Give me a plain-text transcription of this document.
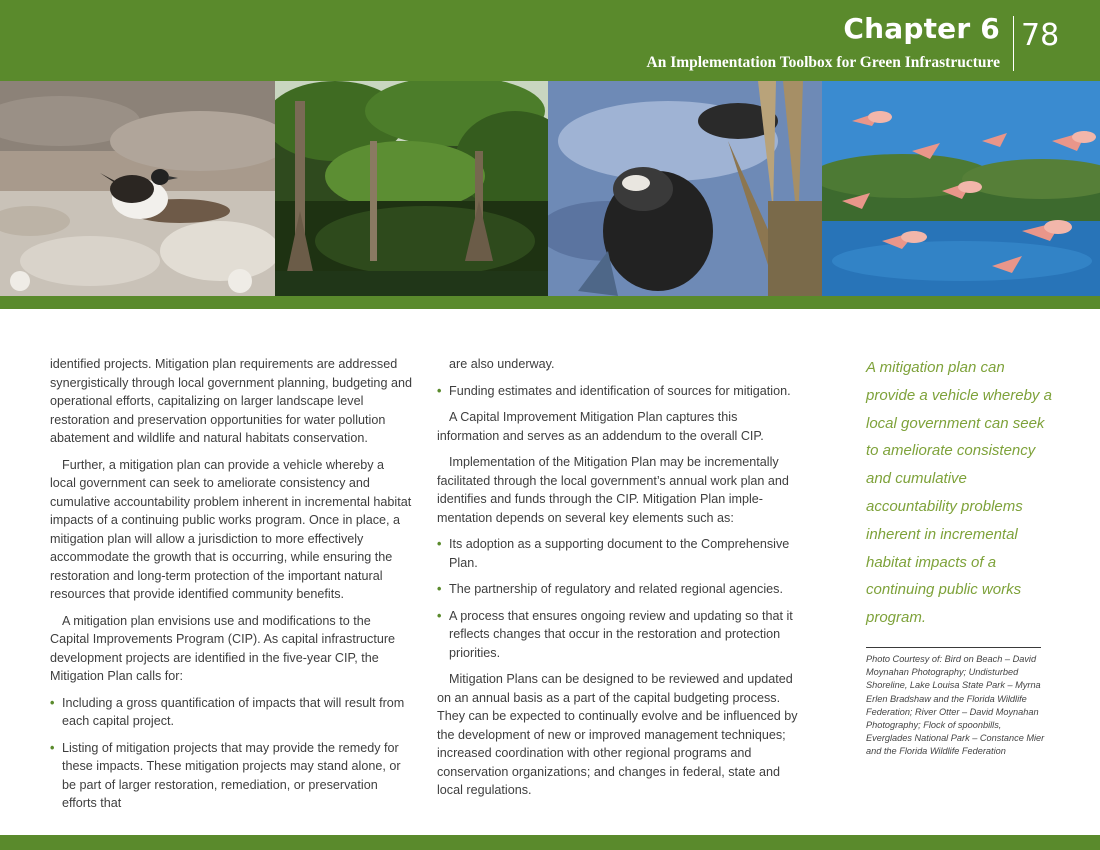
Chapter 6
An Implementation Toolbox for Green Infrastructure
78

identified projects. Mitigation plan requirements are addressed synergistically through local government planning, budgeting and operational efforts, capitalizing on larger landscape level restoration and preservation opportunities for water pollution abatement and wildlife and natural habitats conservation.

Further, a mitigation plan can provide a vehicle whereby a local government can seek to ameliorate consistency and cumulative accountability problem inherent in incremental habitat impacts of a continuing public works program. Once in place, a mitigation plan will allow a jurisdiction to more effectively accommodate the growth that is occurring, while ensuring the restoration and long-term protection of the important natural resources that provide identified community benefits.

A mitigation plan envisions use and modifications to the Capital Improvements Program (CIP). As capital infrastructure development projects are identified in the five-year CIP, the Mitigation Plan calls for:

• Including a gross quantification of impacts that will result from each capital project.
• Listing of mitigation projects that may provide the remedy for these impacts. These mitigation projects may stand alone, or be part of larger restoration, remediation, or preservation efforts that

are also underway.

• Funding estimates and identification of sources for mitigation.

A Capital Improvement Mitigation Plan captures this information and serves as an addendum to the overall CIP.

Implementation of the Mitigation Plan may be incrementally facilitated through the local government’s annual work plan and identifies and funds through the CIP. Mitigation Plan imple-mentation depends on several key elements such as:

• Its adoption as a supporting document to the Comprehensive Plan.
• The partnership of regulatory and related regional agencies.
• A process that ensures ongoing review and updating so that it reflects changes that occur in the restoration and protection priorities.

Mitigation Plans can be designed to be reviewed and updated on an annual basis as a part of the capital budgeting process. They can be expected to continually evolve and be influenced by the development of new or improved management techniques; increased coordination with other regional programs and conservation organizations; and changes in federal, state and local regulations.

A mitigation plan can provide a vehicle whereby a local government can seek to ameliorate consistency and cumulative accountability problems inherent in incremental habitat impacts of a continuing public works program.
Photo Courtesy of: Bird on Beach – David Moynahan Photography; Undisturbed Shoreline, Lake Louisa State Park – Myrna Erlen Bradshaw and the Florida Wildlife Federation; River Otter – David Moynahan Photography; Flock of spoonbills, Everglades National Park – Constance Mier and the Florida Wildlife Federation
